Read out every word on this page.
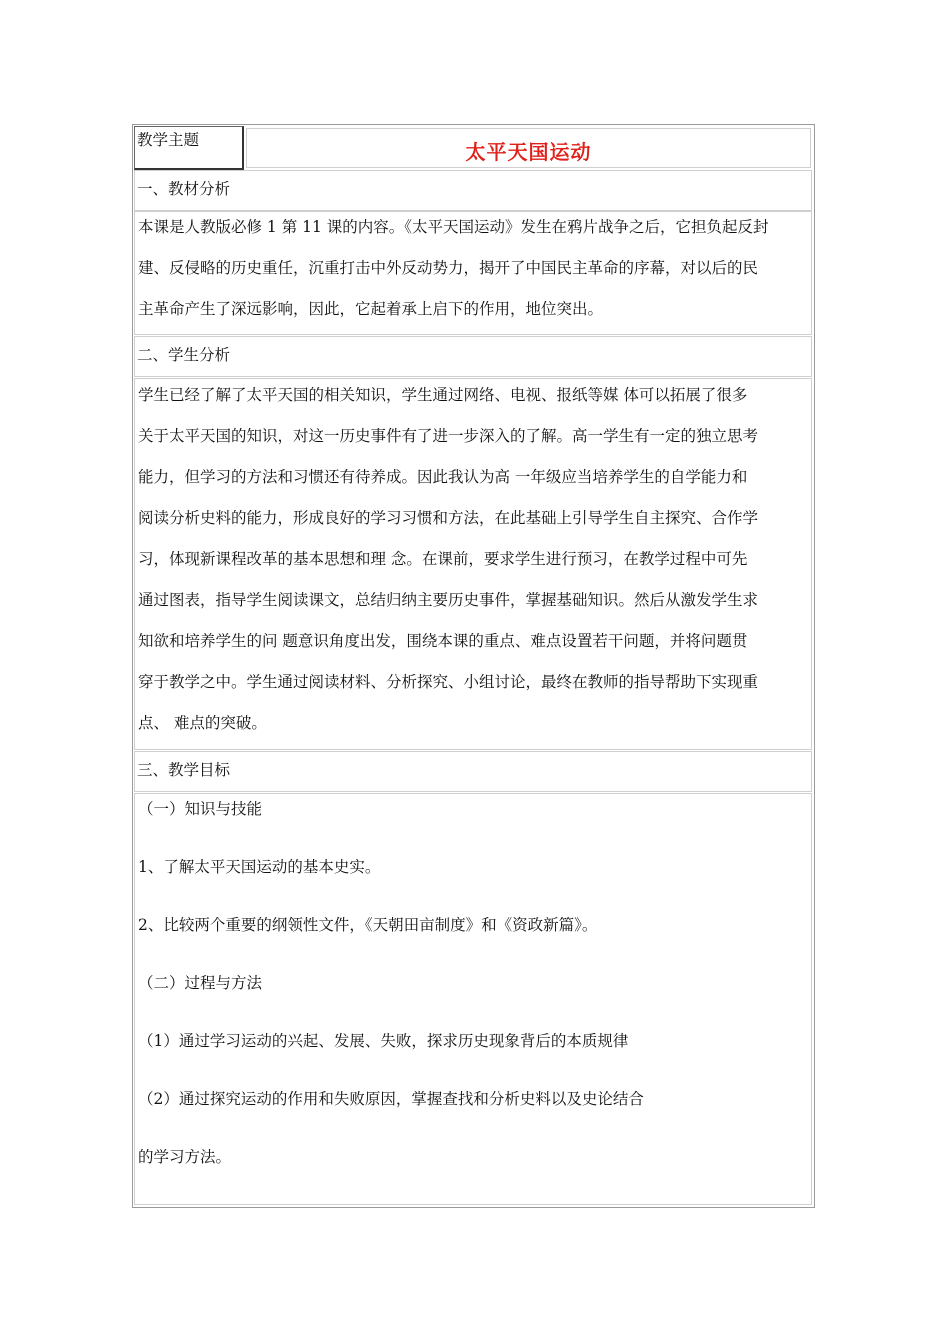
教学主题	太平天国运动
一、教材分析
本课是人教版必修 1 第 11 课的内容。《太平天国运动》发生在鸦片战争之后，它担负起反封
建、反侵略的历史重任，沉重打击中外反动势力，揭开了中国民主革命的序幕，对以后的民
主革命产生了深远影响，因此，它起着承上启下的作用，地位突出。
二、学生分析
学生已经了解了太平天国的相关知识，学生通过网络、电视、报纸等媒 体可以拓展了很多
关于太平天国的知识，对这一历史事件有了进一步深入的了解。高一学生有一定的独立思考
能力，但学习的方法和习惯还有待养成。因此我认为高 一年级应当培养学生的自学能力和
阅读分析史料的能力，形成良好的学习习惯和方法，在此基础上引导学生自主探究、合作学
习，体现新课程改革的基本思想和理 念。在课前，要求学生进行预习，在教学过程中可先
通过图表，指导学生阅读课文，总结归纳主要历史事件，掌握基础知识。然后从激发学生求
知欲和培养学生的问 题意识角度出发，围绕本课的重点、难点设置若干问题，并将问题贯
穿于教学之中。学生通过阅读材料、分析探究、小组讨论，最终在教师的指导帮助下实现重
点、 难点的突破。
三、教学目标
（一）知识与技能
1、了解太平天国运动的基本史实。
2、比较两个重要的纲领性文件，《天朝田亩制度》和《资政新篇》。
（二）过程与方法
（1）通过学习运动的兴起、发展、失败，探求历史现象背后的本质规律
（2）通过探究运动的作用和失败原因，掌握查找和分析史料以及史论结合
的学习方法。
